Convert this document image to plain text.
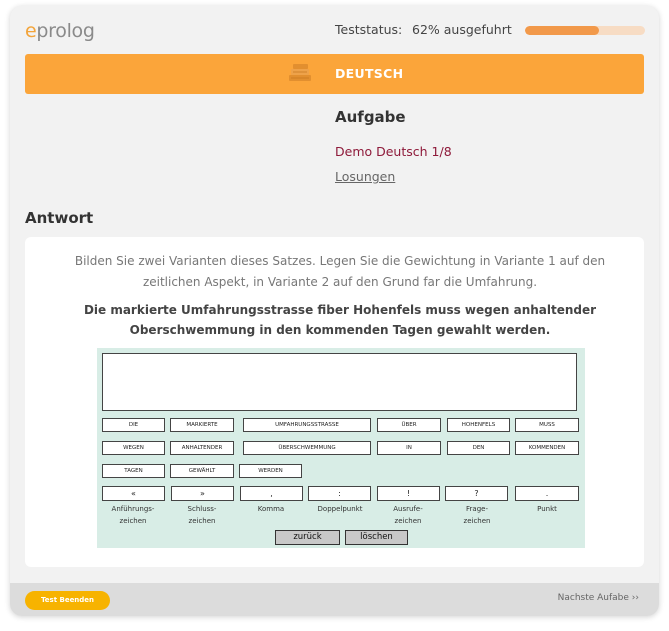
eprolog	Teststatus: 62% ausgefuhrt
DEUTSCH
Aufgabe
Demo Deutsch 1/8
Losungen
Antwort
Bilden Sie zwei Varianten dieses Satzes. Legen Sie die Gewichtung in Variante 1 auf den zeitlichen Aspekt, in Variante 2 auf den Grund far die Umfahrung.
Die markierte Umfahrungsstrasse fiber Hohenfels muss wegen anhaltender Oberschwemmung in den kommenden Tagen gewahlt werden.
DIE	MARKIERTE	UMFAHRUNGSSTRASSE	ÜBER	HOHENFELS	MUSS
WEGEN	ANHALTENDER	ÜBERSCHWEMMUNG	IN	DEN	KOMMENDEN
TAGEN	GEWÄHLT	WERDEN
«	»	,	:	!	?	.
Anführungs-
zeichen
Schluss-
zeichen
Komma	Doppelpunkt	Ausrufe-
zeichen
Frage-
zeichen
Punkt
zurück	löschen
Test Beenden	Nachste Aufabe ››
